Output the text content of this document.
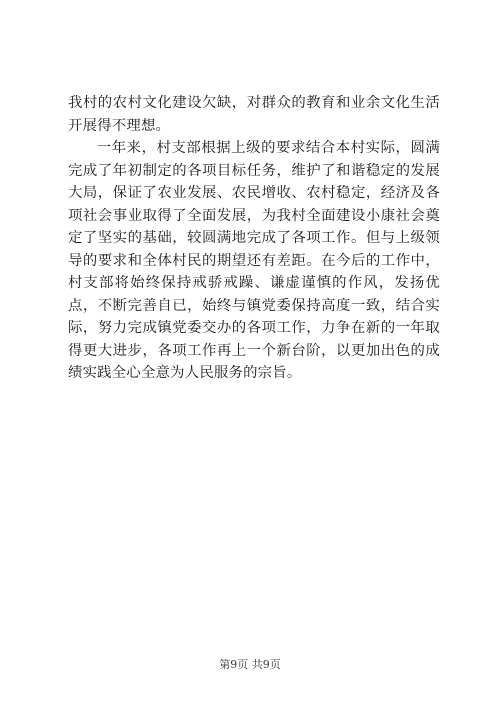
我村的农村文化建设欠缺，对群众的教育和业余文化生活开展得不理想。

一年来，村支部根据上级的要求结合本村实际，圆满完成了年初制定的各项目标任务，维护了和谐稳定的发展大局，保证了农业发展、农民增收、农村稳定，经济及各项社会事业取得了全面发展，为我村全面建设小康社会奠定了坚实的基础，较圆满地完成了各项工作。但与上级领导的要求和全体村民的期望还有差距。在今后的工作中，村支部将始终保持戒骄戒躁、谦虚谨慎的作风，发扬优点，不断完善自已，始终与镇党委保持高度一致，结合实际，努力完成镇党委交办的各项工作，力争在新的一年取得更大进步，各项工作再上一个新台阶，以更加出色的成绩实践全心全意为人民服务的宗旨。

第9页 共9页
